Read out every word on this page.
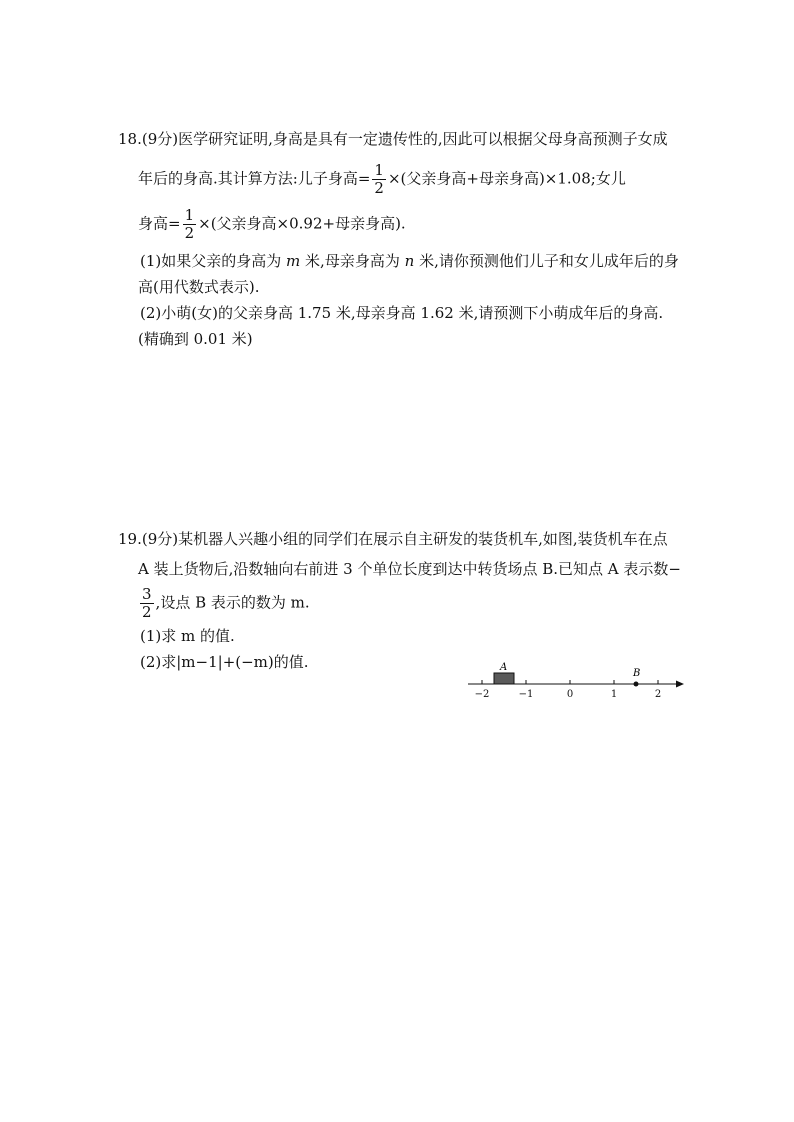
18.(9分)医学研究证明,身高是具有一定遗传性的,因此可以根据父母身高预测子女成
年后的身高.其计算方法:儿子身高= $\frac{1}{2}$ ×(父亲身高+母亲身高)×1.08;女儿
身高= $\frac{1}{2}$ ×(父亲身高×0.92+母亲身高).
(1)如果父亲的身高为 m 米,母亲身高为 n 米,请你预测他们儿子和女儿成年后的身
高(用代数式表示).
(2)小萌(女)的父亲身高 1.75 米,母亲身高 1.62 米,请预测下小萌成年后的身高.
(精确到 0.01 米)
19.(9分)某机器人兴趣小组的同学们在展示自主研发的装货机车,如图,装货机车在点
A 装上货物后,沿数轴向右前进 3 个单位长度到达中转货场点 B.已知点 A 表示数−
$\frac{3}{2}$ ,设点 B 表示的数为 m.
(1)求 m 的值.
(2)求|m−1|+(−m)的值.
−2	−1	0	1	2
A
B
